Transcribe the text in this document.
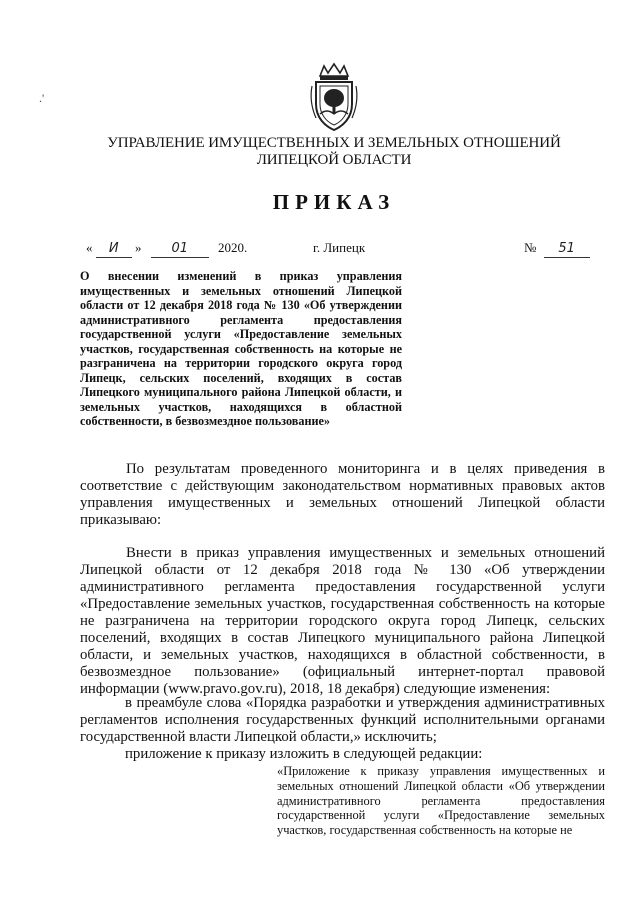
.'
УПРАВЛЕНИЕ ИМУЩЕСТВЕННЫХ И ЗЕМЕЛЬНЫХ ОТНОШЕНИЙ
ЛИПЕЦКОЙ ОБЛАСТИ
ПРИКАЗ
« И » 01 2020.	г. Липецк	№ 51
О внесении изменений в приказ управления имущественных и земельных отношений Липецкой области от 12 декабря 2018 года № 130 «Об утверждении административного регламента предоставления государственной услуги «Предоставление земельных участков, государственная собственность на которые не разграничена на территории городского округа город Липецк, сельских поселений, входящих в состав Липецкого муниципального района Липецкой области, и земельных участков, находящихся в областной собственности, в безвозмездное пользование»
По результатам проведенного мониторинга и в целях приведения в соответствие с действующим законодательством нормативных правовых актов управления имущественных и земельных отношений Липецкой области приказываю:
Внести в приказ управления имущественных и земельных отношений Липецкой области от 12 декабря 2018 года № 130 «Об утверждении административного регламента предоставления государственной услуги «Предоставление земельных участков, государственная собственность на которые не разграничена на территории городского округа город Липецк, сельских поселений, входящих в состав Липецкого муниципального района Липецкой области, и земельных участков, находящихся в областной собственности, в безвозмездное пользование» (официальный интернет-портал правовой информации (www.pravo.gov.ru), 2018, 18 декабря) следующие изменения:
в преамбуле слова «Порядка разработки и утверждения административных регламентов исполнения государственных функций исполнительными органами государственной власти Липецкой области,» исключить;
приложение к приказу изложить в следующей редакции:
«Приложение к приказу управления имущественных и земельных отношений Липецкой области «Об утверждении административного регламента предоставления государственной услуги «Предоставление земельных участков, государственная собственность на которые не
